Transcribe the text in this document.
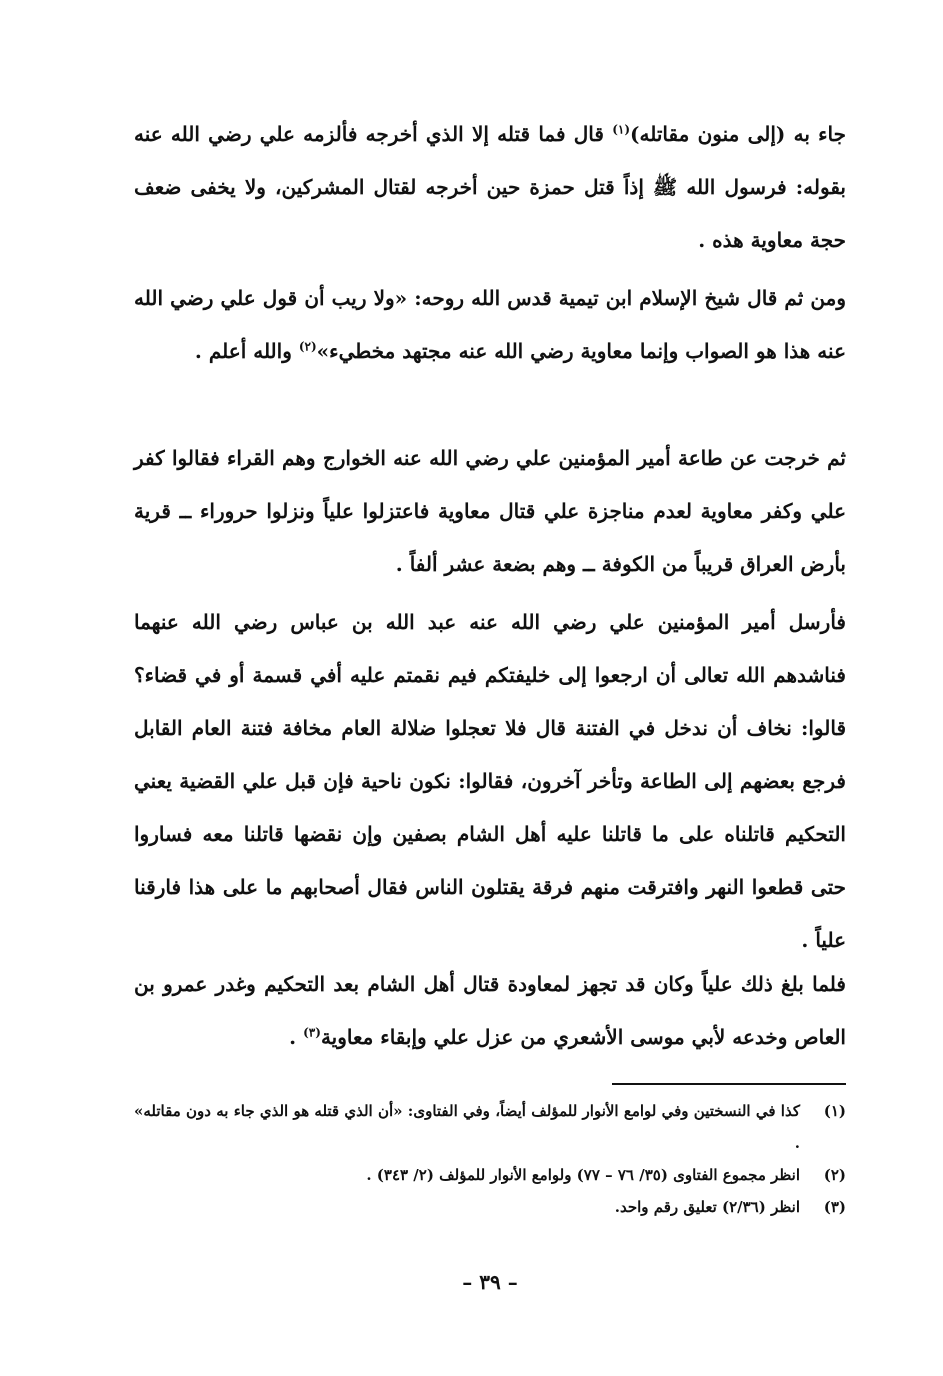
جاء به (إلى منون مقاتله)$^{(١)}$ قال فما قتله إلا الذي أخرجه فألزمه علي رضي الله عنه بقوله: فرسول الله ﷺ إذاً قتل حمزة حين أخرجه لقتال المشركين، ولا يخفى ضعف حجة معاوية هذه .

ومن ثم قال شيخ الإسلام ابن تيمية قدس الله روحه: «ولا ريب أن قول علي رضي الله عنه هذا هو الصواب وإنما معاوية رضي الله عنه مجتهد مخطيء»$^{(٢)}$ والله أعلم .

ثم خرجت عن طاعة أمير المؤمنين علي رضي الله عنه الخوارج وهم القراء فقالوا كفر علي وكفر معاوية لعدم مناجزة علي قتال معاوية فاعتزلوا علياً ونزلوا حروراء ــ قرية بأرض العراق قريباً من الكوفة ــ وهم بضعة عشر ألفاً .

فأرسل أمير المؤمنين علي رضي الله عنه عبد الله بن عباس رضي الله عنهما فناشدهم الله تعالى أن ارجعوا إلى خليفتكم فيم نقمتم عليه أفي قسمة أو في قضاء؟ قالوا: نخاف أن ندخل في الفتنة قال فلا تعجلوا ضلالة العام مخافة فتنة العام القابل فرجع بعضهم إلى الطاعة وتأخر آخرون، فقالوا: نكون ناحية فإن قبل علي القضية يعني التحكيم قاتلناه على ما قاتلنا عليه أهل الشام بصفين وإن نقضها قاتلنا معه فساروا حتى قطعوا النهر وافترقت منهم فرقة يقتلون الناس فقال أصحابهم ما على هذا فارقنا علياً .

فلما بلغ ذلك علياً وكان قد تجهز لمعاودة قتال أهل الشام بعد التحكيم وغدر عمرو بن العاص وخدعه لأبي موسى الأشعري من عزل علي وإبقاء معاوية$^{(٣)}$ .

(١)
كذا في النسختين وفي لوامع الأنوار للمؤلف أيضاً، وفي الفتاوى: «أن الذي قتله هو الذي جاء به دون مقاتله» .
(٢)
انظر مجموع الفتاوى (٣٥/ ٧٦ – ٧٧) ولوامع الأنوار للمؤلف (٢/ ٣٤٣) .
(٣)
انظر (٢/٣٦) تعليق رقم واحد.
– ٣٩ –
